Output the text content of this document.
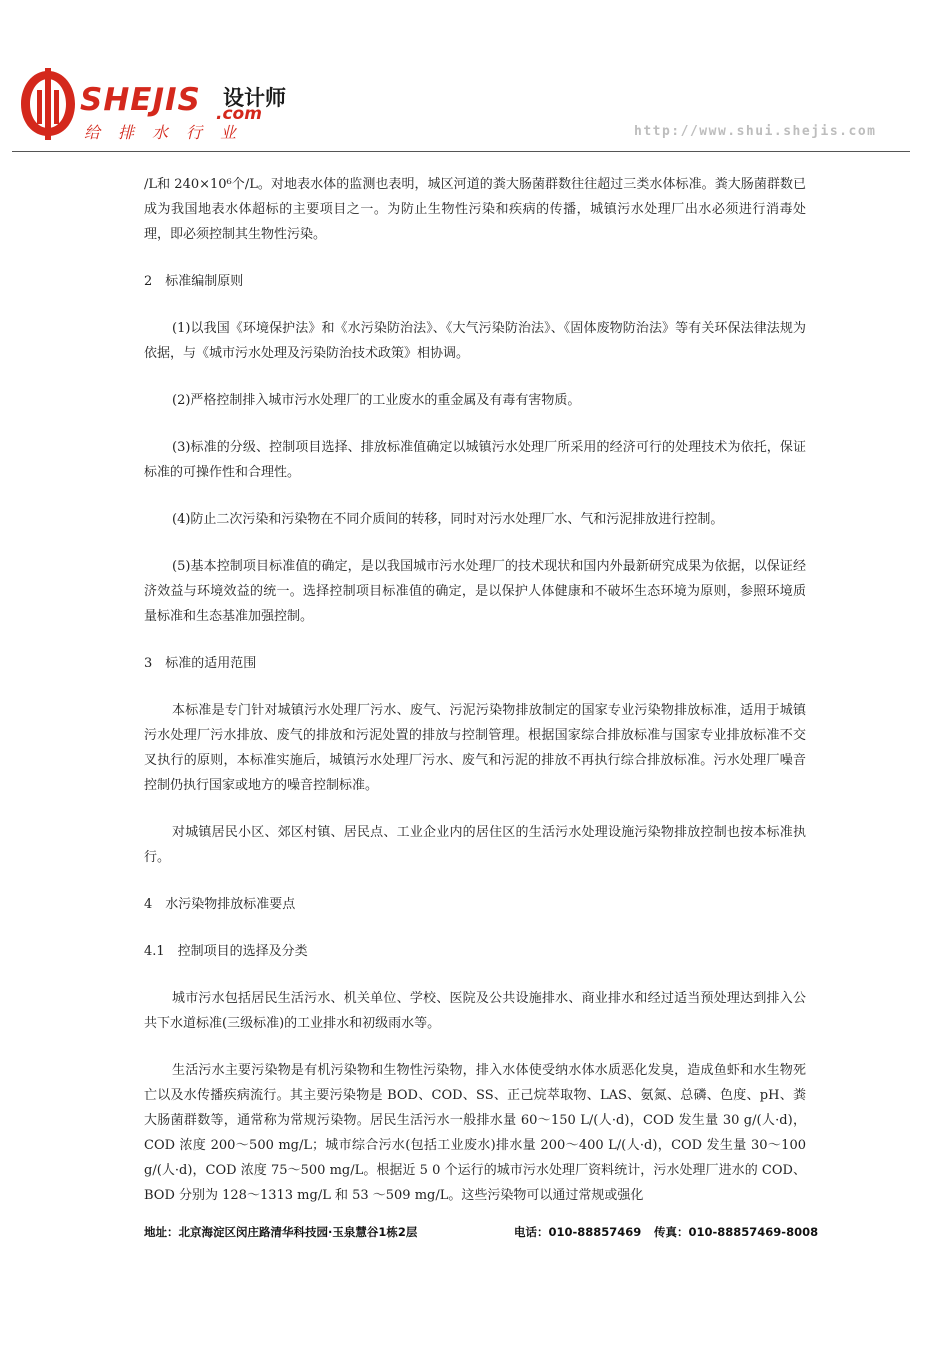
SHEJIS 设计师
.com
给排水行业	http://www.shui.shejis.com

/L和 240×10⁶个/L。对地表水体的监测也表明，城区河道的粪大肠菌群数往往超过三类水体标准。粪大肠菌群数已成为我国地表水体超标的主要项目之一。为防止生物性污染和疾病的传播，城镇污水处理厂出水必须进行消毒处理，即必须控制其生物性污染。

2　标准编制原则

(1)以我国《环境保护法》和《水污染防治法》、《大气污染防治法》、《固体废物防治法》等有关环保法律法规为依据，与《城市污水处理及污染防治技术政策》相协调。

(2)严格控制排入城市污水处理厂的工业废水的重金属及有毒有害物质。

(3)标准的分级、控制项目选择、排放标准值确定以城镇污水处理厂所采用的经济可行的处理技术为依托，保证标准的可操作性和合理性。

(4)防止二次污染和污染物在不同介质间的转移，同时对污水处理厂水、气和污泥排放进行控制。

(5)基本控制项目标准值的确定，是以我国城市污水处理厂的技术现状和国内外最新研究成果为依据，以保证经济效益与环境效益的统一。选择控制项目标准值的确定，是以保护人体健康和不破坏生态环境为原则，参照环境质量标准和生态基准加强控制。

3　标准的适用范围

本标准是专门针对城镇污水处理厂污水、废气、污泥污染物排放制定的国家专业污染物排放标准，适用于城镇污水处理厂污水排放、废气的排放和污泥处置的排放与控制管理。根据国家综合排放标准与国家专业排放标准不交叉执行的原则，本标准实施后，城镇污水处理厂污水、废气和污泥的排放不再执行综合排放标准。污水处理厂噪音控制仍执行国家或地方的噪音控制标准。

对城镇居民小区、郊区村镇、居民点、工业企业内的居住区的生活污水处理设施污染物排放控制也按本标准执行。

4　水污染物排放标准要点

4.1　控制项目的选择及分类

城市污水包括居民生活污水、机关单位、学校、医院及公共设施排水、商业排水和经过适当预处理达到排入公共下水道标准(三级标准)的工业排水和初级雨水等。

生活污水主要污染物是有机污染物和生物性污染物，排入水体使受纳水体水质恶化发臭，造成鱼虾和水生物死亡以及水传播疾病流行。其主要污染物是 BOD、COD、SS、正己烷萃取物、LAS、氨氮、总磷、色度、pH、粪大肠菌群数等，通常称为常规污染物。居民生活污水一般排水量 60～150 L/(人·d)，COD 发生量 30 g/(人·d)，COD 浓度 200～500 mg/L；城市综合污水(包括工业废水)排水量 200～400 L/(人·d)，COD 发生量 30～100 g/(人·d)，COD 浓度 75～500 mg/L。根据近 5 0 个运行的城市污水处理厂资料统计，污水处理厂进水的 COD、BOD 分别为 128～1313 mg/L 和 53 ～509 mg/L。这些污染物可以通过常规或强化

地址：北京海淀区闵庄路清华科技园·玉泉慧谷1栋2层	电话：010-88857469 传真：010-88857469-8008
